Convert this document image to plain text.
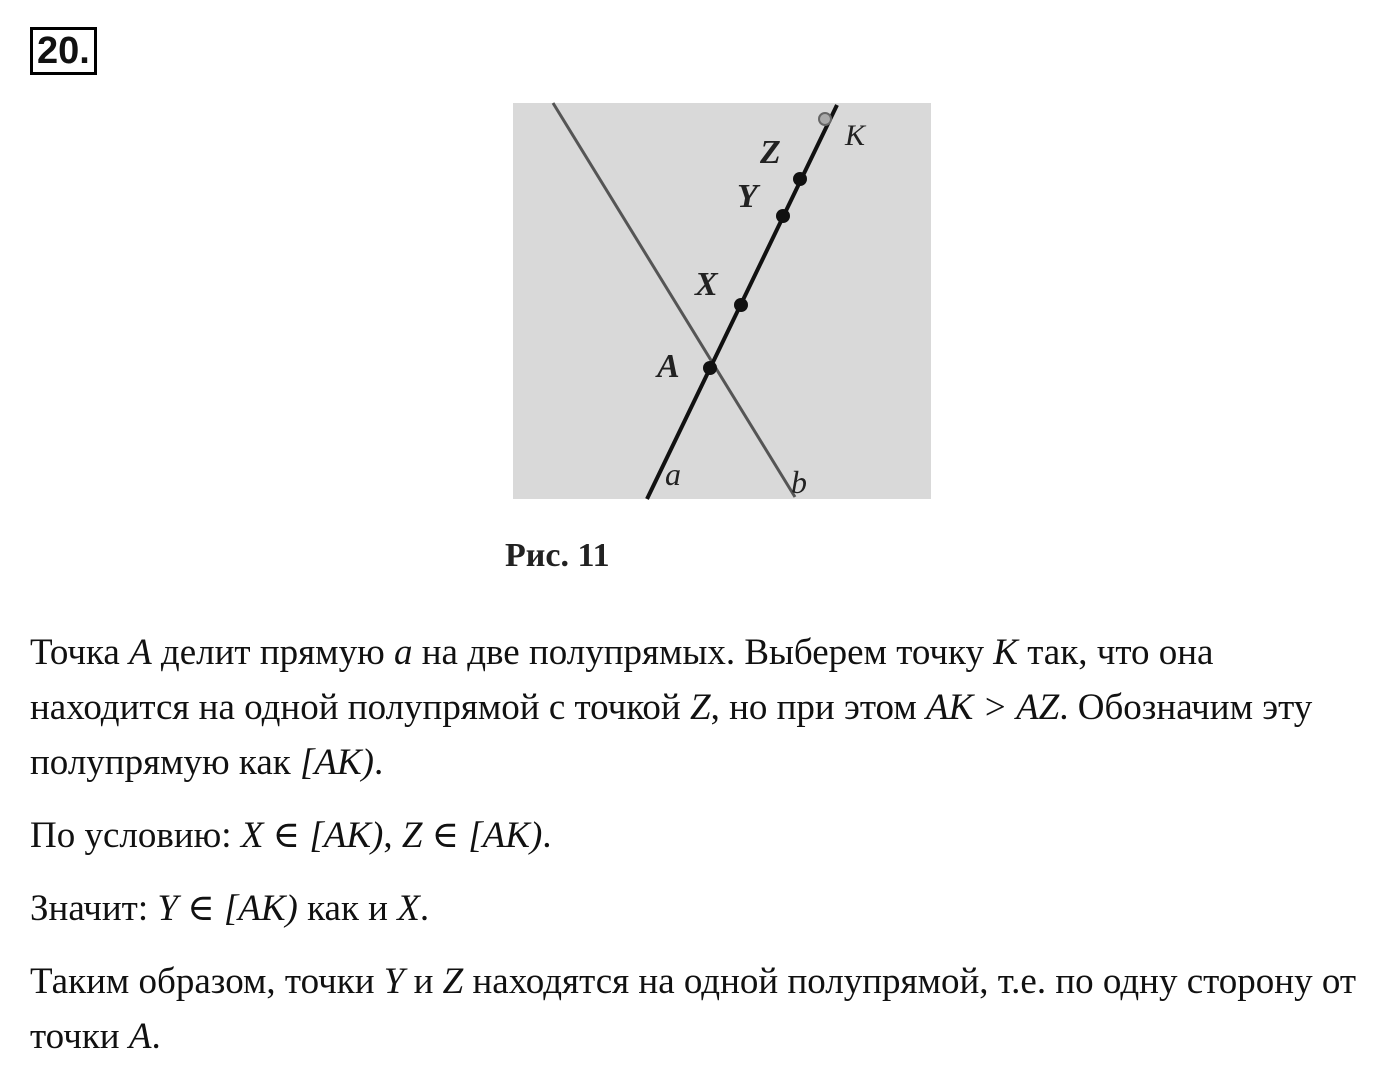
20.
K
Z
Y
X
A
a	b
Рис. 11

Точка A делит прямую a на две полупрямых. Выберем точку K так, что она находится на одной полупрямой с точкой Z, но при этом AK > AZ. Обозначим эту полупрямую как [AK).

По условию: X ∈ [AK), Z ∈ [AK).

Значит: Y ∈ [AK) как и X.

Таким образом, точки Y и Z находятся на одной полупрямой, т.е. по одну сторону от точки A.
